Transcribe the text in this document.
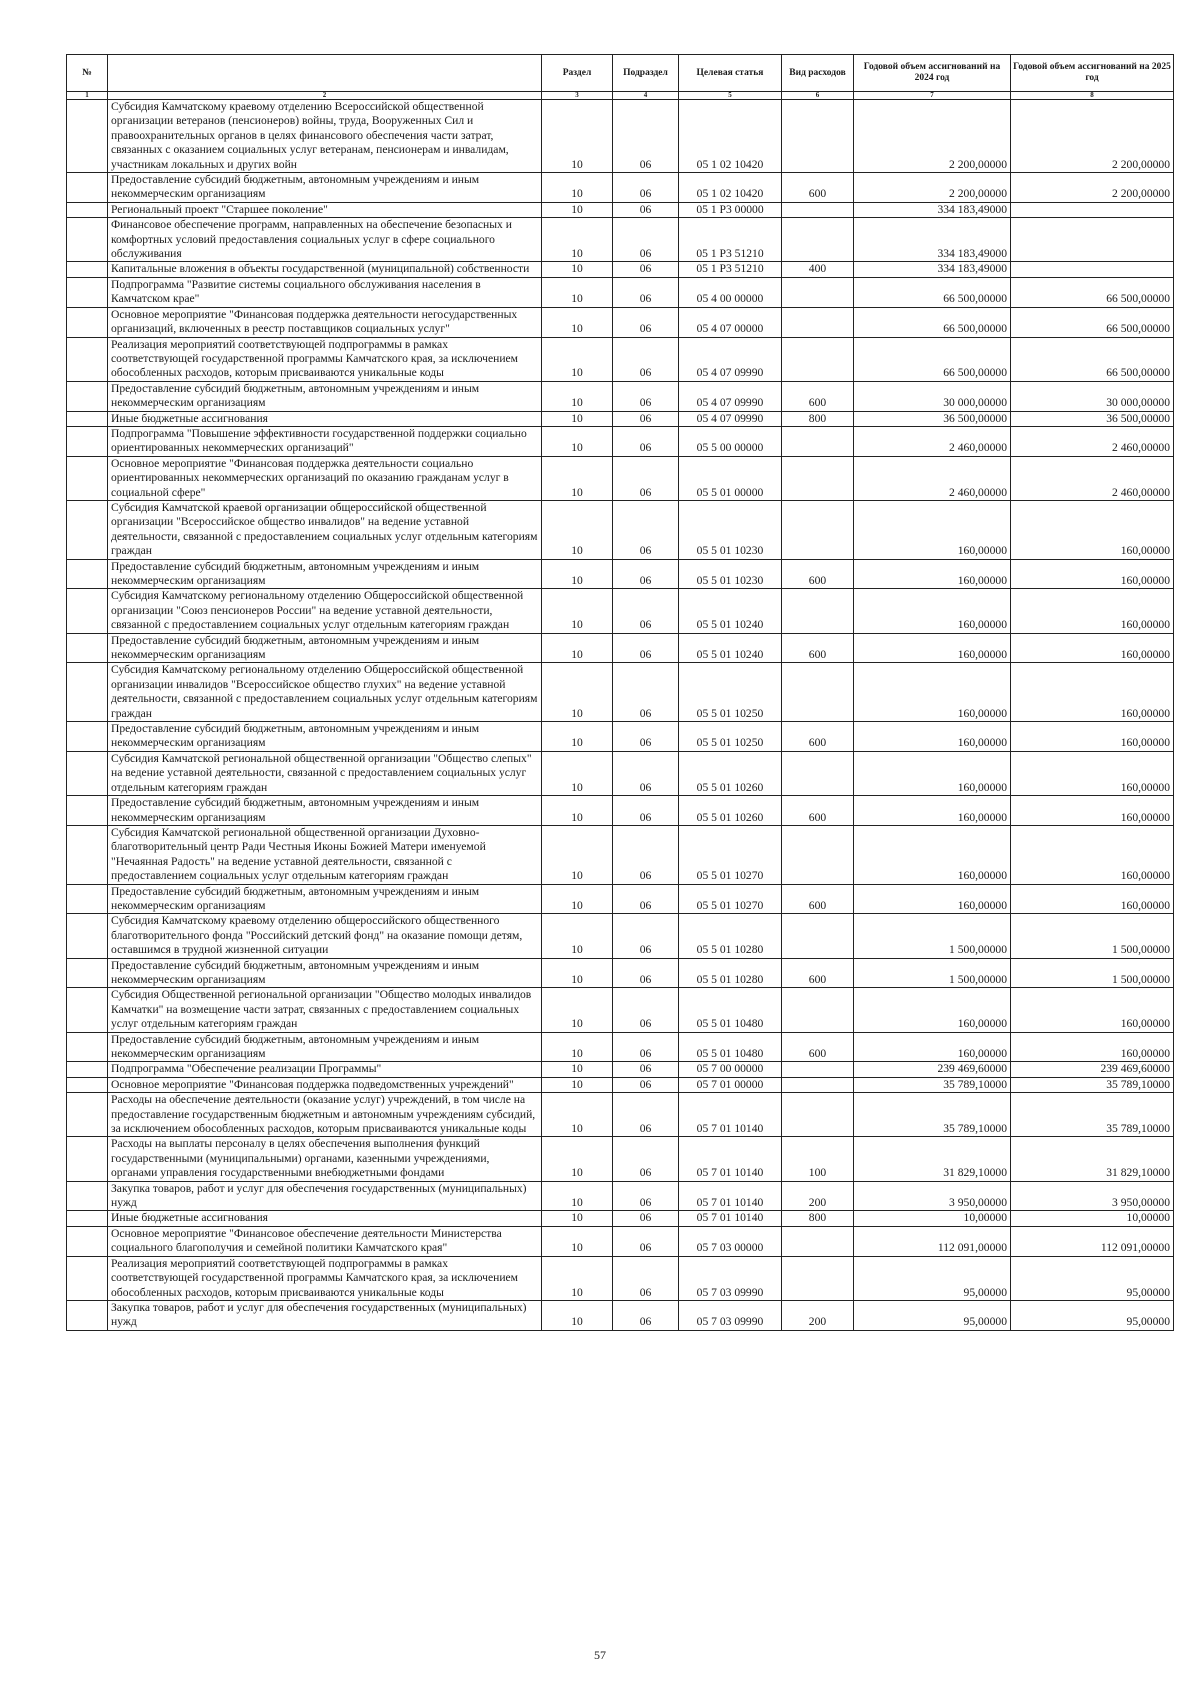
№		Раздел	Подраздел	Целевая статья	Вид расходов	Годовой объем ассигнований на 2024 год	Годовой объем ассигнований на 2025 год
1	2	3	4	5	6	7	8
	Субсидия Камчатскому краевому отделению Всероссийской общественной организации ветеранов (пенсионеров) войны, труда, Вооруженных Сил и правоохранительных органов в целях финансового обеспечения части затрат, связанных с оказанием социальных услуг ветеранам, пенсионерам и инвалидам, участникам локальных и других войн	10	06	05 1 02 10420		2 200,00000	2 200,00000
	Предоставление субсидий бюджетным, автономным учреждениям и иным некоммерческим организациям	10	06	05 1 02 10420	600	2 200,00000	2 200,00000
	Региональный проект "Старшее поколение"	10	06	05 1 P3 00000		334 183,49000	
	Финансовое обеспечение программ, направленных на обеспечение безопасных и комфортных условий предоставления социальных услуг в сфере социального обслуживания	10	06	05 1 P3 51210		334 183,49000	
	Капитальные вложения в объекты государственной (муниципальной) собственности	10	06	05 1 P3 51210	400	334 183,49000	
	Подпрограмма "Развитие системы социального обслуживания населения в Камчатском крае"	10	06	05 4 00 00000		66 500,00000	66 500,00000
	Основное мероприятие "Финансовая поддержка деятельности негосударственных организаций, включенных в реестр поставщиков социальных услуг"	10	06	05 4 07 00000		66 500,00000	66 500,00000
	Реализация мероприятий соответствующей подпрограммы в рамках соответствующей государственной программы Камчатского края, за исключением обособленных расходов, которым присваиваются уникальные коды	10	06	05 4 07 09990		66 500,00000	66 500,00000
	Предоставление субсидий бюджетным, автономным учреждениям и иным некоммерческим организациям	10	06	05 4 07 09990	600	30 000,00000	30 000,00000
	Иные бюджетные ассигнования	10	06	05 4 07 09990	800	36 500,00000	36 500,00000
	Подпрограмма "Повышение эффективности государственной поддержки социально ориентированных некоммерческих организаций"	10	06	05 5 00 00000		2 460,00000	2 460,00000
	Основное мероприятие "Финансовая поддержка деятельности социально ориентированных некоммерческих организаций по оказанию гражданам услуг в социальной сфере"	10	06	05 5 01 00000		2 460,00000	2 460,00000
	Субсидия Камчатской краевой организации общероссийской общественной организации "Всероссийское общество инвалидов" на ведение уставной деятельности, связанной с предоставлением социальных услуг отдельным категориям граждан	10	06	05 5 01 10230		160,00000	160,00000
	Предоставление субсидий бюджетным, автономным учреждениям и иным некоммерческим организациям	10	06	05 5 01 10230	600	160,00000	160,00000
	Субсидия Камчатскому региональному отделению Общероссийской общественной организации "Союз пенсионеров России" на ведение уставной деятельности, связанной с предоставлением социальных услуг отдельным категориям граждан	10	06	05 5 01 10240		160,00000	160,00000
	Предоставление субсидий бюджетным, автономным учреждениям и иным некоммерческим организациям	10	06	05 5 01 10240	600	160,00000	160,00000
	Субсидия Камчатскому региональному отделению Общероссийской общественной организации инвалидов "Всероссийское общество глухих" на ведение уставной деятельности, связанной с предоставлением социальных услуг отдельным категориям граждан	10	06	05 5 01 10250		160,00000	160,00000
	Предоставление субсидий бюджетным, автономным учреждениям и иным некоммерческим организациям	10	06	05 5 01 10250	600	160,00000	160,00000
	Субсидия Камчатской региональной общественной организации "Общество слепых" на ведение уставной деятельности, связанной с предоставлением социальных услуг отдельным категориям граждан	10	06	05 5 01 10260		160,00000	160,00000
	Предоставление субсидий бюджетным, автономным учреждениям и иным некоммерческим организациям	10	06	05 5 01 10260	600	160,00000	160,00000
	Субсидия Камчатской региональной общественной организации Духовно-благотворительный центр Ради Честныя Иконы Божией Матери именуемой "Нечаянная Радость" на ведение уставной деятельности, связанной с предоставлением социальных услуг отдельным категориям граждан	10	06	05 5 01 10270		160,00000	160,00000
	Предоставление субсидий бюджетным, автономным учреждениям и иным некоммерческим организациям	10	06	05 5 01 10270	600	160,00000	160,00000
	Субсидия Камчатскому краевому отделению общероссийского общественного благотворительного фонда "Российский детский фонд" на оказание помощи детям, оставшимся в трудной жизненной ситуации	10	06	05 5 01 10280		1 500,00000	1 500,00000
	Предоставление субсидий бюджетным, автономным учреждениям и иным некоммерческим организациям	10	06	05 5 01 10280	600	1 500,00000	1 500,00000
	Субсидия Общественной региональной организации "Общество молодых инвалидов Камчатки" на возмещение части затрат, связанных с предоставлением социальных услуг отдельным категориям граждан	10	06	05 5 01 10480		160,00000	160,00000
	Предоставление субсидий бюджетным, автономным учреждениям и иным некоммерческим организациям	10	06	05 5 01 10480	600	160,00000	160,00000
	Подпрограмма "Обеспечение реализации Программы"	10	06	05 7 00 00000		239 469,60000	239 469,60000
	Основное мероприятие "Финансовая поддержка подведомственных учреждений"	10	06	05 7 01 00000		35 789,10000	35 789,10000
	Расходы на обеспечение деятельности (оказание услуг) учреждений, в том числе на предоставление государственным бюджетным и автономным учреждениям субсидий, за исключением обособленных расходов, которым присваиваются уникальные коды	10	06	05 7 01 10140		35 789,10000	35 789,10000
	Расходы на выплаты персоналу в целях обеспечения выполнения функций государственными (муниципальными) органами, казенными учреждениями, органами управления государственными внебюджетными фондами	10	06	05 7 01 10140	100	31 829,10000	31 829,10000
	Закупка товаров, работ и услуг для обеспечения государственных (муниципальных) нужд	10	06	05 7 01 10140	200	3 950,00000	3 950,00000
	Иные бюджетные ассигнования	10	06	05 7 01 10140	800	10,00000	10,00000
	Основное мероприятие "Финансовое обеспечение деятельности Министерства социального благополучия и семейной политики Камчатского края"	10	06	05 7 03 00000		112 091,00000	112 091,00000
	Реализация мероприятий соответствующей подпрограммы в рамках соответствующей государственной программы Камчатского края, за исключением обособленных расходов, которым присваиваются уникальные коды	10	06	05 7 03 09990		95,00000	95,00000
	Закупка товаров, работ и услуг для обеспечения государственных (муниципальных) нужд	10	06	05 7 03 09990	200	95,00000	95,00000
57
